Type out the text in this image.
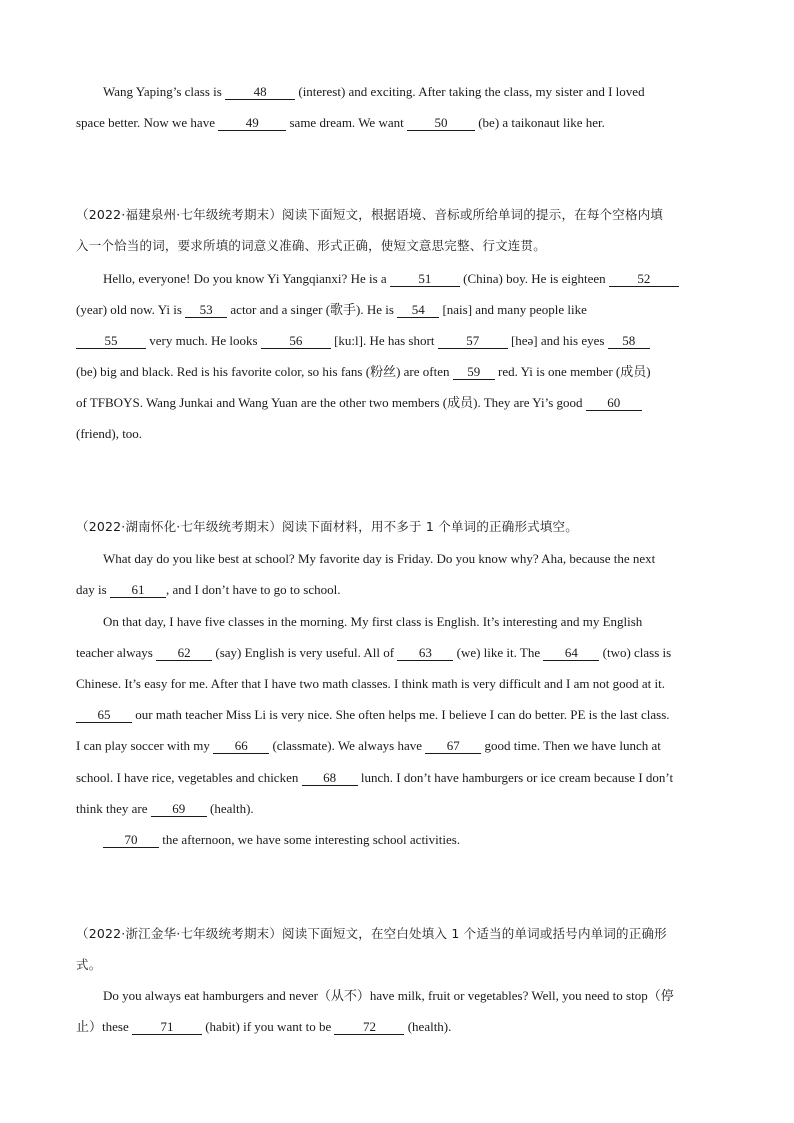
Wang Yaping’s class is 48 (interest) and exciting. After taking the class, my sister and I loved
space better. Now we have 49 same dream. We want 50 (be) a taikonaut like her.
（2022·福建泉州·七年级统考期末）阅读下面短文，根据语境、音标或所给单词的提示，在每个空格内填
入一个恰当的词，要求所填的词意义准确、形式正确，使短文意思完整、行文连贯。
Hello, everyone! Do you know Yi Yangqianxi? He is a 51 (China) boy. He is eighteen 52
(year) old now. Yi is 53 actor and a singer (歌手). He is 54 [nais] and many people like
55 very much. He looks 56 [ku:l]. He has short 57 [heə] and his eyes 58
(be) big and black. Red is his favorite color, so his fans (粉丝) are often 59 red. Yi is one member (成员)
of TFBOYS. Wang Junkai and Wang Yuan are the other two members (成员). They are Yi’s good 60
(friend), too.
（2022·湖南怀化·七年级统考期末）阅读下面材料，用不多于 1 个单词的正确形式填空。
What day do you like best at school? My favorite day is Friday. Do you know why? Aha, because the next
day is 61 , and I don’t have to go to school.
On that day, I have five classes in the morning. My first class is English. It’s interesting and my English
teacher always 62 (say) English is very useful. All of 63 (we) like it. The 64 (two) class is
Chinese. It’s easy for me. After that I have two math classes. I think math is very difficult and I am not good at it.
65 our math teacher Miss Li is very nice. She often helps me. I believe I can do better. PE is the last class.
I can play soccer with my 66 (classmate). We always have 67 good time. Then we have lunch at
school. I have rice, vegetables and chicken 68 lunch. I don’t have hamburgers or ice cream because I don’t
think they are 69 (health).
70 the afternoon, we have some interesting school activities.
（2022·浙江金华·七年级统考期末）阅读下面短文，在空白处填入 1 个适当的单词或括号内单词的正确形
式。
Do you always eat hamburgers and never（从不）have milk, fruit or vegetables? Well, you need to stop（停
止）these 71 (habit) if you want to be 72 (health).
